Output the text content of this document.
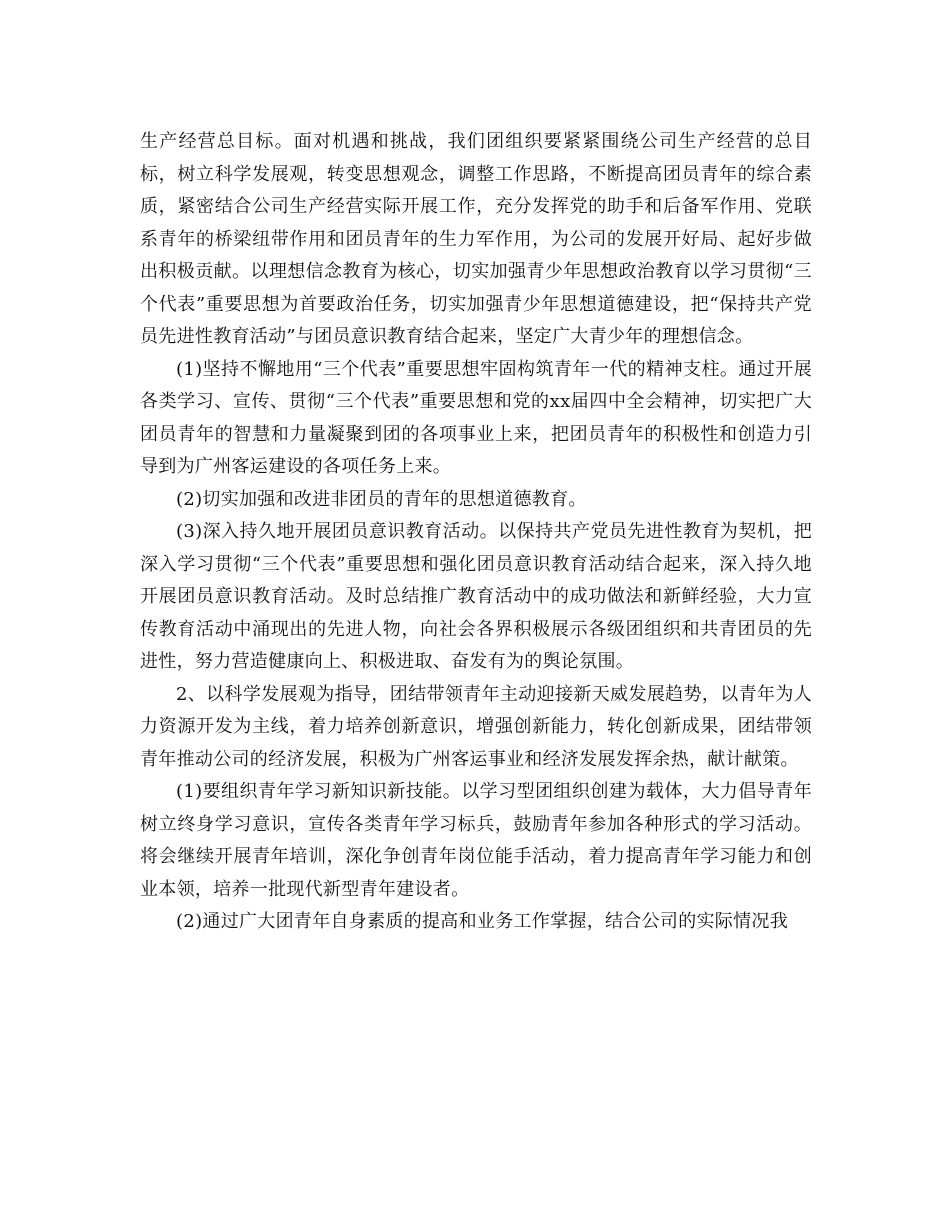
生产经营总目标。面对机遇和挑战，我们团组织要紧紧围绕公司生产经营的总目标，树立科学发展观，转变思想观念，调整工作思路，不断提高团员青年的综合素质，紧密结合公司生产经营实际开展工作，充分发挥党的助手和后备军作用、党联系青年的桥梁纽带作用和团员青年的生力军作用，为公司的发展开好局、起好步做出积极贡献。以理想信念教育为核心，切实加强青少年思想政治教育以学习贯彻“三个代表”重要思想为首要政治任务，切实加强青少年思想道德建设，把“保持共产党员先进性教育活动”与团员意识教育结合起来，坚定广大青少年的理想信念。

(1)坚持不懈地用“三个代表”重要思想牢固构筑青年一代的精神支柱。通过开展各类学习、宣传、贯彻“三个代表”重要思想和党的xx届四中全会精神，切实把广大团员青年的智慧和力量凝聚到团的各项事业上来，把团员青年的积极性和创造力引导到为广州客运建设的各项任务上来。

(2)切实加强和改进非团员的青年的思想道德教育。

(3)深入持久地开展团员意识教育活动。以保持共产党员先进性教育为契机，把深入学习贯彻“三个代表”重要思想和强化团员意识教育活动结合起来，深入持久地开展团员意识教育活动。及时总结推广教育活动中的成功做法和新鲜经验，大力宣传教育活动中涌现出的先进人物，向社会各界积极展示各级团组织和共青团员的先进性，努力营造健康向上、积极进取、奋发有为的舆论氛围。

2、以科学发展观为指导，团结带领青年主动迎接新天威发展趋势，以青年为人力资源开发为主线，着力培养创新意识，增强创新能力，转化创新成果，团结带领青年推动公司的经济发展，积极为广州客运事业和经济发展发挥余热，献计献策。

(1)要组织青年学习新知识新技能。以学习型团组织创建为载体，大力倡导青年树立终身学习意识，宣传各类青年学习标兵，鼓励青年参加各种形式的学习活动。将会继续开展青年培训，深化争创青年岗位能手活动，着力提高青年学习能力和创业本领，培养一批现代新型青年建设者。

(2)通过广大团青年自身素质的提高和业务工作掌握，结合公司的实际情况我
